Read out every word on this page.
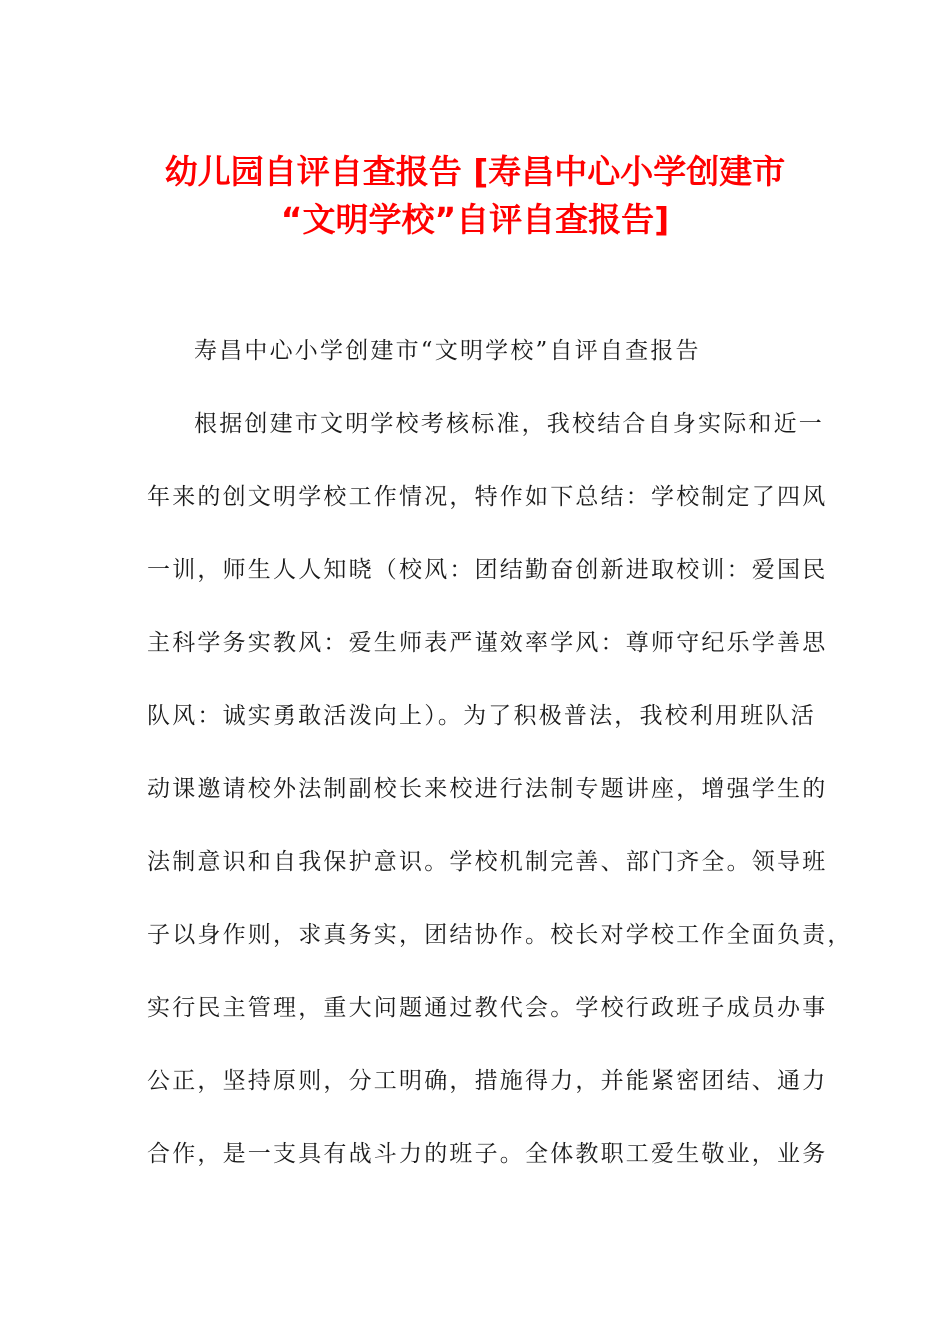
幼儿园自评自查报告 [寿昌中心小学创建市
“文明学校”自评自查报告]
寿昌中心小学创建市“文明学校”自评自查报告
根据创建市文明学校考核标准，我校结合自身实际和近一
年来的创文明学校工作情况，特作如下总结：学校制定了四风
一训，师生人人知晓（校风：团结勤奋创新进取校训：爱国民
主科学务实教风：爱生师表严谨效率学风：尊师守纪乐学善思
队风：诚实勇敢活泼向上）。为了积极普法，我校利用班队活
动课邀请校外法制副校长来校进行法制专题讲座，增强学生的
法制意识和自我保护意识。学校机制完善、部门齐全。领导班
子以身作则，求真务实，团结协作。校长对学校工作全面负责，
实行民主管理，重大问题通过教代会。学校行政班子成员办事
公正，坚持原则，分工明确，措施得力，并能紧密团结、通力
合作，是一支具有战斗力的班子。全体教职工爱生敬业，业务
